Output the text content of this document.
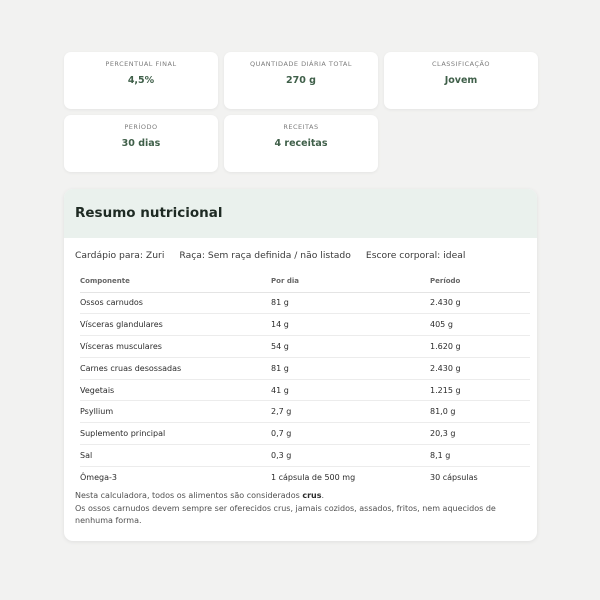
PERCENTUAL FINAL
4,5%
QUANTIDADE DIÁRIA TOTAL
270 g
CLASSIFICAÇÃO
Jovem
PERÍODO
30 dias
RECEITAS
4 receitas
Resumo nutricional
Cardápio para: Zuri Raça: Sem raça definida / não listado Escore corporal: ideal
Componente	Por dia	Período
Ossos carnudos	81 g	2.430 g
Vísceras glandulares	14 g	405 g
Vísceras musculares	54 g	1.620 g
Carnes cruas desossadas	81 g	2.430 g
Vegetais	41 g	1.215 g
Psyllium	2,7 g	81,0 g
Suplemento principal	0,7 g	20,3 g
Sal	0,3 g	8,1 g
Ômega-3	1 cápsula de 500 mg	30 cápsulas
Nesta calculadora, todos os alimentos são considerados crus.
Os ossos carnudos devem sempre ser oferecidos crus, jamais cozidos, assados, fritos, nem aquecidos de nenhuma forma.
